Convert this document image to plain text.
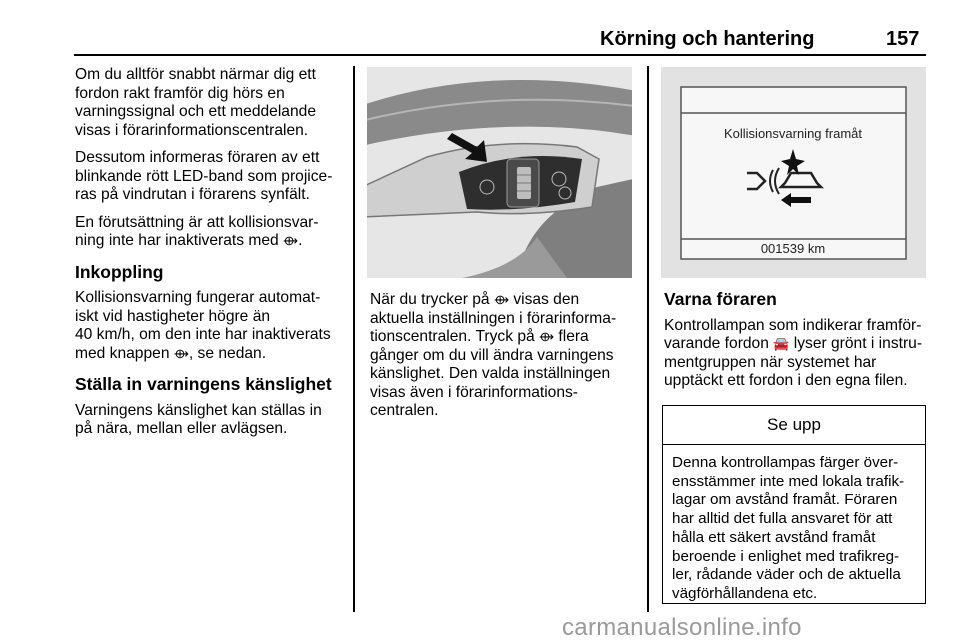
Körning och hantering	157

Om du alltför snabbt närmar dig ett
fordon rakt framför dig hörs en
varningssignal och ett meddelande
visas i förarinformationscentralen.

Dessutom informeras föraren av ett
blinkande rött LED-band som projice-
ras på vindrutan i förarens synfält.

En förutsättning är att kollisionsvar-
ning inte har inaktiverats med ⟴.

Inkoppling

Kollisionsvarning fungerar automat-
iskt vid hastigheter högre än
40 km/h, om den inte har inaktiverats
med knappen ⟴, se nedan.

Ställa in varningens känslighet

Varningens känslighet kan ställas in
på nära, mellan eller avlägsen.

Kollisionsvarning framåt
001539 km

När du trycker på ⟴ visas den
aktuella inställningen i förarinforma-
tionscentralen. Tryck på ⟴ flera
gånger om du vill ändra varningens
känslighet. Den valda inställningen
visas även i förarinformations-
centralen.

Varna föraren

Kontrollampan som indikerar framför-
varande fordon 🚘 lyser grönt i instru-
mentgruppen när systemet har
upptäckt ett fordon i den egna filen.

Se upp
Denna kontrollampas färger över-
ensstämmer inte med lokala trafik-
lagar om avstånd framåt. Föraren
har alltid det fulla ansvaret för att
hålla ett säkert avstånd framåt
beroende i enlighet med trafikreg-
ler, rådande väder och de aktuella
vägförhållandena etc.
carmanualsonline.info
